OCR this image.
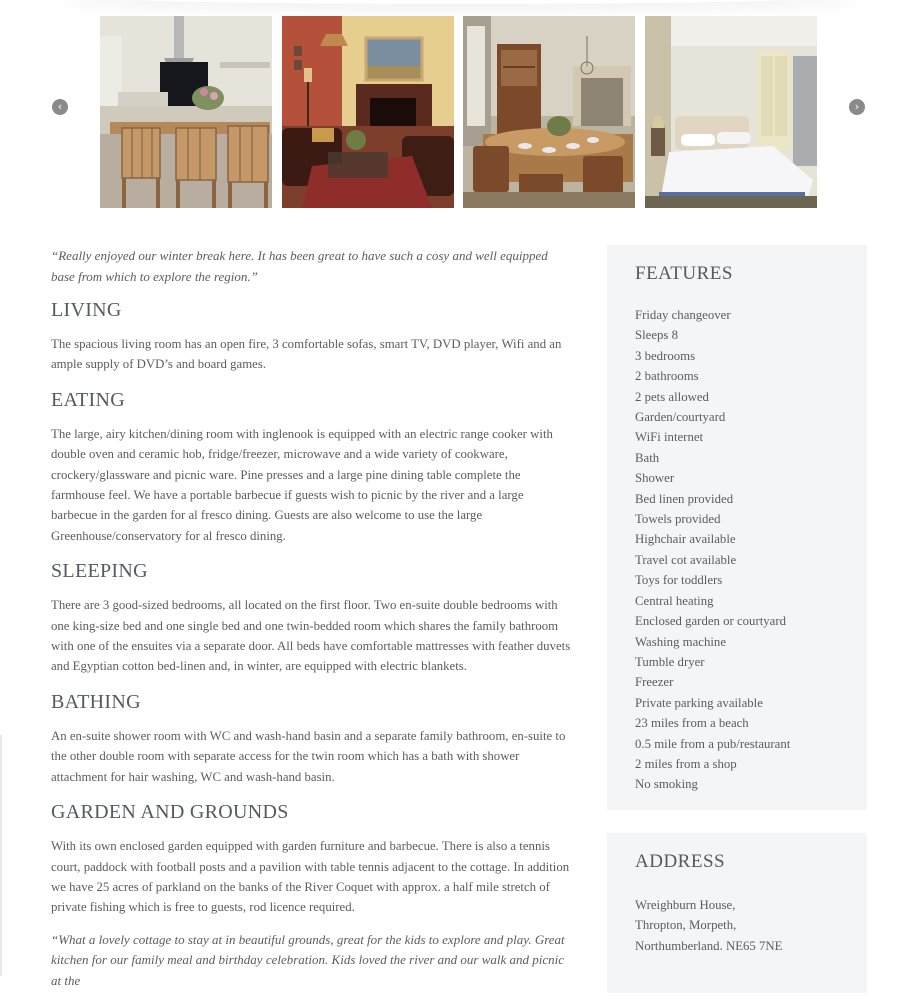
‹	›

“Really enjoyed our winter break here. It has been great to have such a cosy and well equipped base from which to explore the region.”

LIVING

The spacious living room has an open fire, 3 comfortable sofas, smart TV, DVD player, Wifi and an ample supply of DVD’s and board games.

EATING

The large, airy kitchen/dining room with inglenook is equipped with an electric range cooker with double oven and ceramic hob, fridge/freezer, microwave and a wide variety of cookware, crockery/glassware and picnic ware. Pine presses and a large pine dining table complete the farmhouse feel. We have a portable barbecue if guests wish to picnic by the river and a large barbecue in the garden for al fresco dining. Guests are also welcome to use the large Greenhouse/conservatory for al fresco dining.

SLEEPING

There are 3 good-sized bedrooms, all located on the first floor. Two en-suite double bedrooms with one king-size bed and one single bed and one twin-bedded room which shares the family bathroom with one of the ensuites via a separate door. All beds have comfortable mattresses with feather duvets and Egyptian cotton bed-linen and, in winter, are equipped with electric blankets.

BATHING

An en-suite shower room with WC and wash-hand basin and a separate family bathroom, en-suite to the other double room with separate access for the twin room which has a bath with shower attachment for hair washing, WC and wash-hand basin.

GARDEN AND GROUNDS

With its own enclosed garden equipped with garden furniture and barbecue. There is also a tennis court, paddock with football posts and a pavilion with table tennis adjacent to the cottage. In addition we have 25 acres of parkland on the banks of the River Coquet with approx. a half mile stretch of private fishing which is free to guests, rod licence required.

“What a lovely cottage to stay at in beautiful grounds, great for the kids to explore and play. Great kitchen for our family meal and birthday celebration. Kids loved the river and our walk and picnic at the

FEATURES
Friday changeover
Sleeps 8
3 bedrooms
2 bathrooms
2 pets allowed
Garden/courtyard
WiFi internet
Bath
Shower
Bed linen provided
Towels provided
Highchair available
Travel cot available
Toys for toddlers
Central heating
Enclosed garden or courtyard
Washing machine
Tumble dryer
Freezer
Private parking available
23 miles from a beach
0.5 mile from a pub/restaurant
2 miles from a shop
No smoking
ADDRESS
Wreighburn House,
Thropton, Morpeth,
Northumberland. NE65 7NE
